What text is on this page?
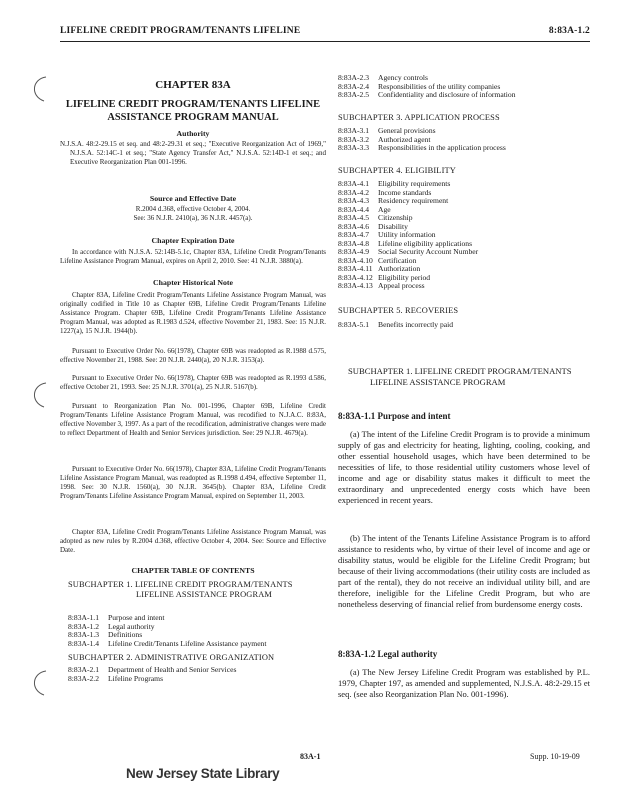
LIFELINE CREDIT PROGRAM/TENANTS LIFELINE	8:83A-1.2
CHAPTER 83A
LIFELINE CREDIT PROGRAM/TENANTS LIFELINE
ASSISTANCE PROGRAM MANUAL
Authority
N.J.S.A. 48:2-29.15 et seq. and 48:2-29.31 et seq.; "Executive Reorganization Act of 1969," N.J.S.A. 52:14C-1 et seq.; "State Agency Transfer Act," N.J.S.A. 52:14D-1 et seq.; and Executive Reorganization Plan 001-1996.
Source and Effective Date
R.2004 d.368, effective October 4, 2004.
See: 36 N.J.R. 2410(a), 36 N.J.R. 4457(a).
Chapter Expiration Date
In accordance with N.J.S.A. 52:14B-5.1c, Chapter 83A, Lifeline Credit Program/Tenants Lifeline Assistance Program Manual, expires on April 2, 2010. See: 41 N.J.R. 3880(a).
Chapter Historical Note
Chapter 83A, Lifeline Credit Program/Tenants Lifeline Assistance Program Manual, was originally codified in Title 10 as Chapter 69B, Lifeline Credit Program/Tenants Lifeline Assistance Program. Chapter 69B, Lifeline Credit Program/Tenants Lifeline Assistance Program Manual, was adopted as R.1983 d.524, effective November 21, 1983. See: 15 N.J.R. 1227(a), 15 N.J.R. 1944(b).
Pursuant to Executive Order No. 66(1978), Chapter 69B was readopted as R.1988 d.575, effective November 21, 1988. See: 20 N.J.R. 2440(a), 20 N.J.R. 3153(a).
Pursuant to Executive Order No. 66(1978), Chapter 69B was readopted as R.1993 d.586, effective October 21, 1993. See: 25 N.J.R. 3701(a), 25 N.J.R. 5167(b).
Pursuant to Reorganization Plan No. 001-1996, Chapter 69B, Lifeline Credit Program/Tenants Lifeline Assistance Program Manual, was recodified to N.J.A.C. 8:83A, effective November 3, 1997. As a part of the recodification, administrative changes were made to reflect Department of Health and Senior Services jurisdiction. See: 29 N.J.R. 4679(a).
Pursuant to Executive Order No. 66(1978), Chapter 83A, Lifeline Credit Program/Tenants Lifeline Assistance Program Manual, was readopted as R.1998 d.494, effective September 11, 1998. See: 30 N.J.R. 1560(a), 30 N.J.R. 3645(b). Chapter 83A, Lifeline Credit Program/Tenants Lifeline Assistance Program Manual, expired on September 11, 2003.
Chapter 83A, Lifeline Credit Program/Tenants Lifeline Assistance Program Manual, was adopted as new rules by R.2004 d.368, effective October 4, 2004. See: Source and Effective Date.
CHAPTER TABLE OF CONTENTS
SUBCHAPTER 1. LIFELINE CREDIT PROGRAM/TENANTS LIFELINE ASSISTANCE PROGRAM
8:83A-1.1 Purpose and intent
8:83A-1.2 Legal authority
8:83A-1.3 Definitions
8:83A-1.4 Lifeline Credit/Tenants Lifeline Assistance payment
SUBCHAPTER 2. ADMINISTRATIVE ORGANIZATION
8:83A-2.1 Department of Health and Senior Services
8:83A-2.2 Lifeline Programs
8:83A-2.3 Agency controls
8:83A-2.4 Responsibilities of the utility companies
8:83A-2.5 Confidentiality and disclosure of information
SUBCHAPTER 3. APPLICATION PROCESS
8:83A-3.1 General provisions
8:83A-3.2 Authorized agent
8:83A-3.3 Responsibilities in the application process
SUBCHAPTER 4. ELIGIBILITY
8:83A-4.1 Eligibility requirements
8:83A-4.2 Income standards
8:83A-4.3 Residency requirement
8:83A-4.4 Age
8:83A-4.5 Citizenship
8:83A-4.6 Disability
8:83A-4.7 Utility information
8:83A-4.8 Lifeline eligibility applications
8:83A-4.9 Social Security Account Number
8:83A-4.10 Certification
8:83A-4.11 Authorization
8:83A-4.12 Eligibility period
8:83A-4.13 Appeal process
SUBCHAPTER 5. RECOVERIES
8:83A-5.1 Benefits incorrectly paid
SUBCHAPTER 1. LIFELINE CREDIT PROGRAM/TENANTS LIFELINE ASSISTANCE PROGRAM
8:83A-1.1 Purpose and intent
(a) The intent of the Lifeline Credit Program is to provide a minimum supply of gas and electricity for heating, lighting, cooling, cooking, and other essential household usages, which have been determined to be necessities of life, to those residential utility customers whose level of income and age or disability status makes it difficult to meet the extraordinary and unprecedented energy costs which have been experienced in recent years.
(b) The intent of the Tenants Lifeline Assistance Program is to afford assistance to residents who, by virtue of their level of income and age or disability status, would be eligible for the Lifeline Credit Program; but because of their living accommodations (their utility costs are included as part of the rental), they do not receive an individual utility bill, and are therefore, ineligible for the Lifeline Credit Program, but who are nonetheless deserving of financial relief from burdensome energy costs.
8:83A-1.2 Legal authority
(a) The New Jersey Lifeline Credit Program was established by P.L. 1979, Chapter 197, as amended and supplemented, N.J.S.A. 48:2-29.15 et seq. (see also Reorganization Plan No. 001-1996).
83A-1	Supp. 10-19-09
New Jersey State Library
